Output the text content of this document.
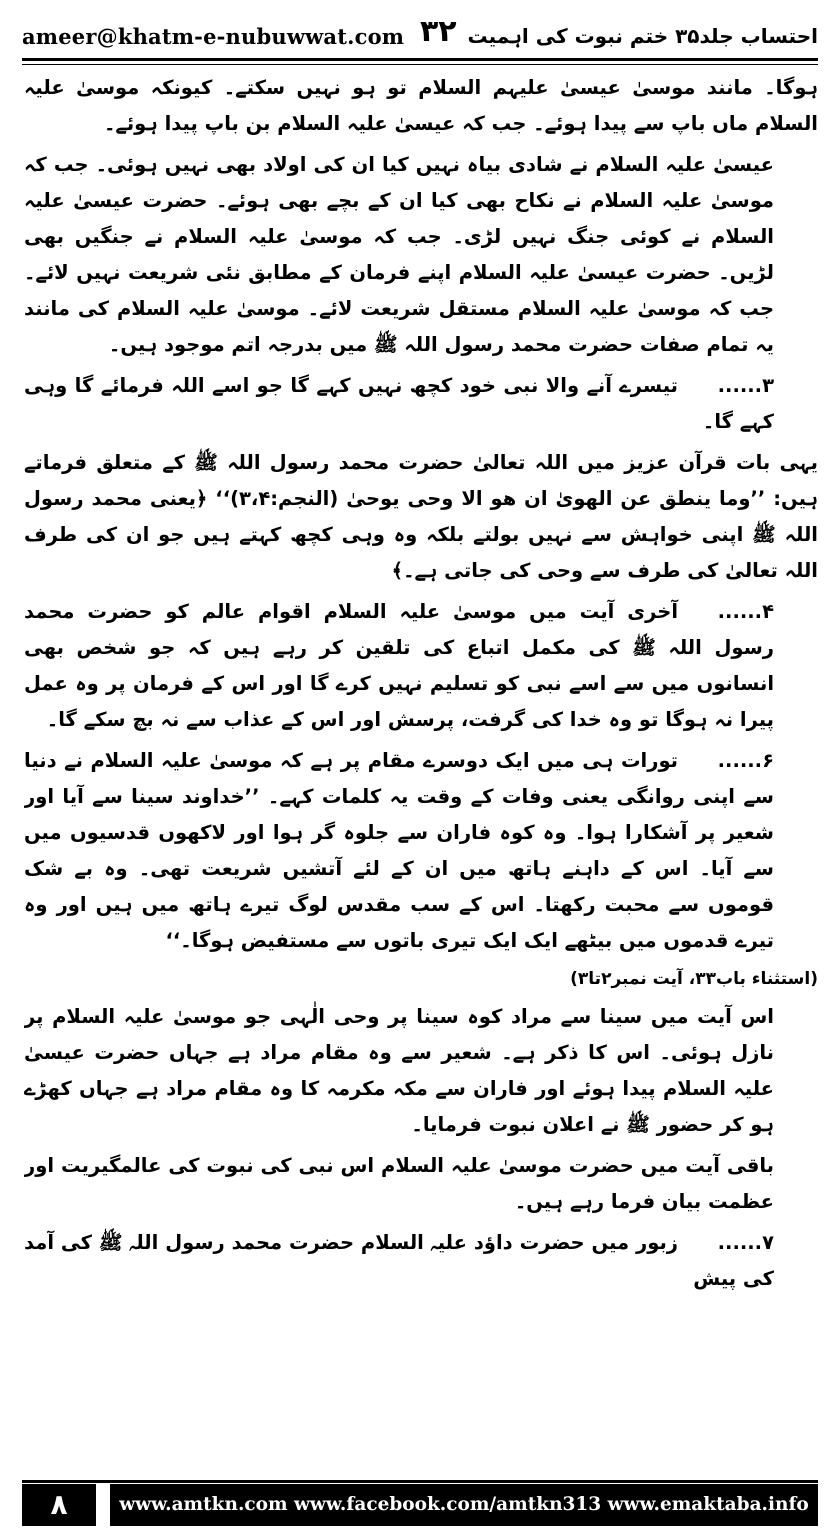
ameer@khatm-e-nubuwwat.com ۳۲ احتساب جلد۳۵ ختم نبوت کی اہمیت

ہوگا۔ مانند موسیٰ عیسیٰ علیہم السلام تو ہو نہیں سکتے۔ کیونکہ موسیٰ علیہ السلام ماں باپ سے پیدا ہوئے۔ جب کہ عیسیٰ علیہ السلام بن باپ پیدا ہوئے۔

عیسیٰ علیہ السلام نے شادی بیاہ نہیں کیا ان کی اولاد بھی نہیں ہوئی۔ جب کہ موسیٰ علیہ السلام نے نکاح بھی کیا ان کے بچے بھی ہوئے۔ حضرت عیسیٰ علیہ السلام نے کوئی جنگ نہیں لڑی۔ جب کہ موسیٰ علیہ السلام نے جنگیں بھی لڑیں۔ حضرت عیسیٰ علیہ السلام اپنے فرمان کے مطابق نئی شریعت نہیں لائے۔ جب کہ موسیٰ علیہ السلام مستقل شریعت لائے۔ موسیٰ علیہ السلام کی مانند یہ تمام صفات حضرت محمد رسول اللہ ﷺ میں بدرجہ اتم موجود ہیں۔

۳......تیسرے آنے والا نبی خود کچھ نہیں کہے گا جو اسے اللہ فرمائے گا وہی کہے گا۔

یہی بات قرآن عزیز میں اللہ تعالیٰ حضرت محمد رسول اللہ ﷺ کے متعلق فرماتے ہیں: ’’وما ینطق عن الھویٰ ان ھو الا وحی یوحیٰ (النجم:۳،۴)‘‘ ﴿یعنی محمد رسول اللہ ﷺ اپنی خواہش سے نہیں بولتے بلکہ وہ وہی کچھ کہتے ہیں جو ان کی طرف اللہ تعالیٰ کی طرف سے وحی کی جاتی ہے۔﴾

۴......آخری آیت میں موسیٰ علیہ السلام اقوام عالم کو حضرت محمد رسول اللہ ﷺ کی مکمل اتباع کی تلقین کر رہے ہیں کہ جو شخص بھی انسانوں میں سے اسے نبی کو تسلیم نہیں کرے گا اور اس کے فرمان پر وہ عمل پیرا نہ ہوگا تو وہ خدا کی گرفت، پرسش اور اس کے عذاب سے نہ بچ سکے گا۔

۶......تورات ہی میں ایک دوسرے مقام پر ہے کہ موسیٰ علیہ السلام نے دنیا سے اپنی روانگی یعنی وفات کے وقت یہ کلمات کہے۔ ’’خداوند سینا سے آیا اور شعیر پر آشکارا ہوا۔ وہ کوہ فاران سے جلوہ گر ہوا اور لاکھوں قدسیوں میں سے آیا۔ اس کے داہنے ہاتھ میں ان کے لئے آتشیں شریعت تھی۔ وہ بے شک قوموں سے محبت رکھتا۔ اس کے سب مقدس لوگ تیرے ہاتھ میں ہیں اور وہ تیرے قدموں میں بیٹھے ایک ایک تیری باتوں سے مستفیض ہوگا۔‘‘

(استثناء باب۳۳، آیت نمبر۲تا۳)

اس آیت میں سینا سے مراد کوہ سینا پر وحی الٰہی جو موسیٰ علیہ السلام پر نازل ہوئی۔ اس کا ذکر ہے۔ شعیر سے وہ مقام مراد ہے جہاں حضرت عیسیٰ علیہ السلام پیدا ہوئے اور فاران سے مکہ مکرمہ کا وہ مقام مراد ہے جہاں کھڑے ہو کر حضور ﷺ نے اعلان نبوت فرمایا۔

باقی آیت میں حضرت موسیٰ علیہ السلام اس نبی کی نبوت کی عالمگیریت اور عظمت بیان فرما رہے ہیں۔

۷......زبور میں حضرت داؤد علیہ السلام حضرت محمد رسول اللہ ﷺ کی آمد کی پیش

۸	www.amtkn.com www.facebook.com/amtkn313 www.emaktaba.info
